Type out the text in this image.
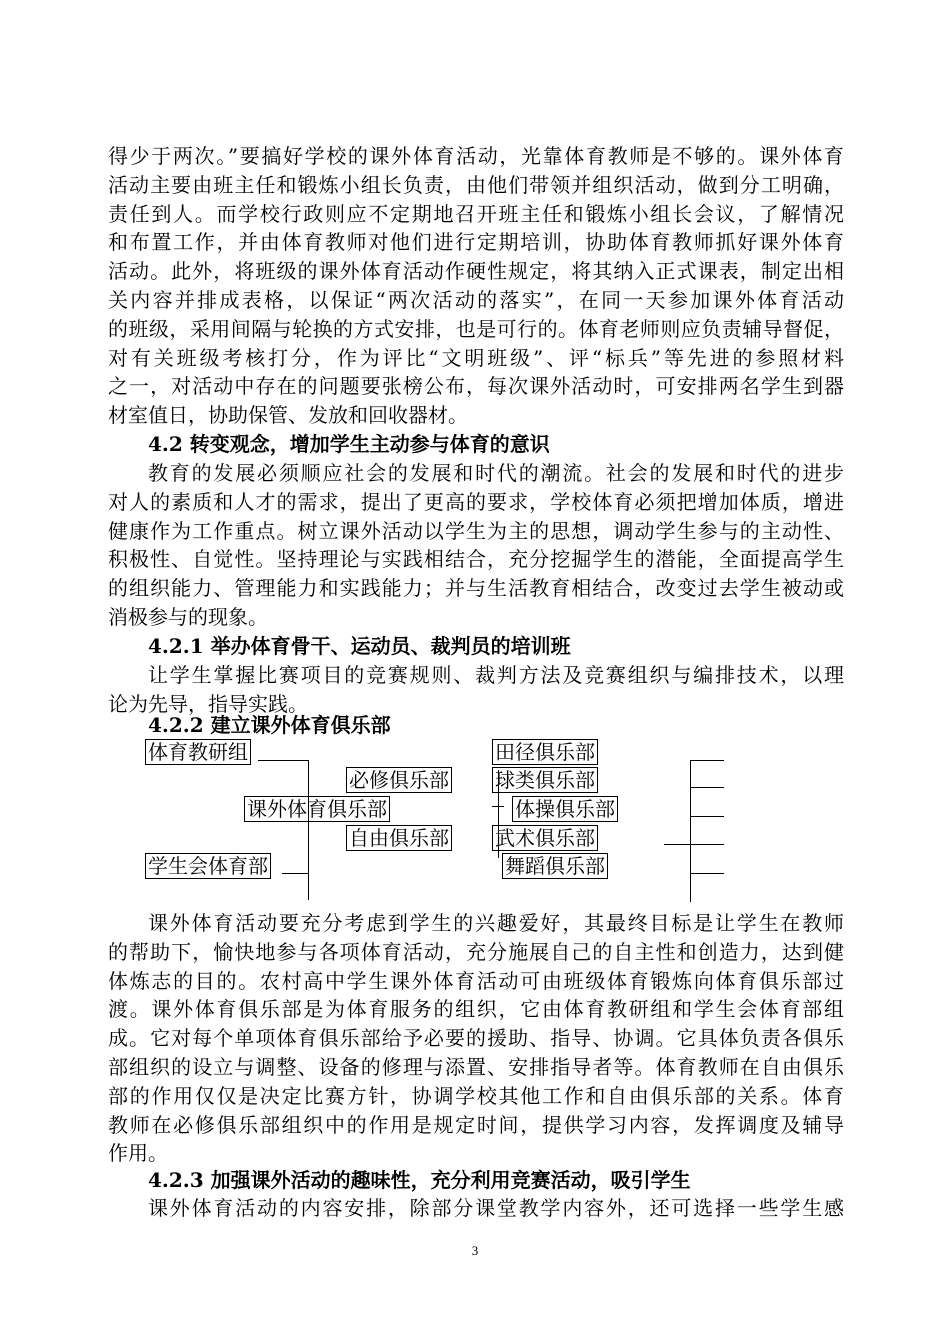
得少于两次。”要搞好学校的课外体育活动，光靠体育教师是不够的。课外体育
活动主要由班主任和锻炼小组长负责，由他们带领并组织活动，做到分工明确，
责任到人。而学校行政则应不定期地召开班主任和锻炼小组长会议，了解情况
和布置工作，并由体育教师对他们进行定期培训，协助体育教师抓好课外体育
活动。此外，将班级的课外体育活动作硬性规定，将其纳入正式课表，制定出相
关内容并排成表格，以保证“两次活动的落实”，在同一天参加课外体育活动
的班级，采用间隔与轮换的方式安排，也是可行的。体育老师则应负责辅导督促，
对有关班级考核打分，作为评比“文明班级”、评“标兵”等先进的参照材料
之一，对活动中存在的问题要张榜公布，每次课外活动时，可安排两名学生到器
材室值日，协助保管、发放和回收器材。

4.2 转变观念，增加学生主动参与体育的意识

教育的发展必须顺应社会的发展和时代的潮流。社会的发展和时代的进步
对人的素质和人才的需求，提出了更高的要求，学校体育必须把增加体质，增进
健康作为工作重点。树立课外活动以学生为主的思想，调动学生参与的主动性、
积极性、自觉性。坚持理论与实践相结合，充分挖掘学生的潜能，全面提高学生
的组织能力、管理能力和实践能力；并与生活教育相结合，改变过去学生被动或
消极参与的现象。

4.2.1 举办体育骨干、运动员、裁判员的培训班

让学生掌握比赛项目的竞赛规则、裁判方法及竞赛组织与编排技术，以理
论为先导，指导实践。

4.2.2 建立课外体育俱乐部

体育教研组
学生会体育部
课外体育俱乐部
必修俱乐部
自由俱乐部
田径俱乐部
球类俱乐部
体操俱乐部
武术俱乐部
舞蹈俱乐部
课外体育活动要充分考虑到学生的兴趣爱好，其最终目标是让学生在教师
的帮助下，愉快地参与各项体育活动，充分施展自己的自主性和创造力，达到健
体炼志的目的。农村高中学生课外体育活动可由班级体育锻炼向体育俱乐部过
渡。课外体育俱乐部是为体育服务的组织，它由体育教研组和学生会体育部组
成。它对每个单项体育俱乐部给予必要的援助、指导、协调。它具体负责各俱乐
部组织的设立与调整、设备的修理与添置、安排指导者等。体育教师在自由俱乐
部的作用仅仅是决定比赛方针，协调学校其他工作和自由俱乐部的关系。体育
教师在必修俱乐部组织中的作用是规定时间，提供学习内容，发挥调度及辅导
作用。

4.2.3 加强课外活动的趣味性，充分利用竞赛活动，吸引学生

课外体育活动的内容安排，除部分课堂教学内容外，还可选择一些学生感
3
